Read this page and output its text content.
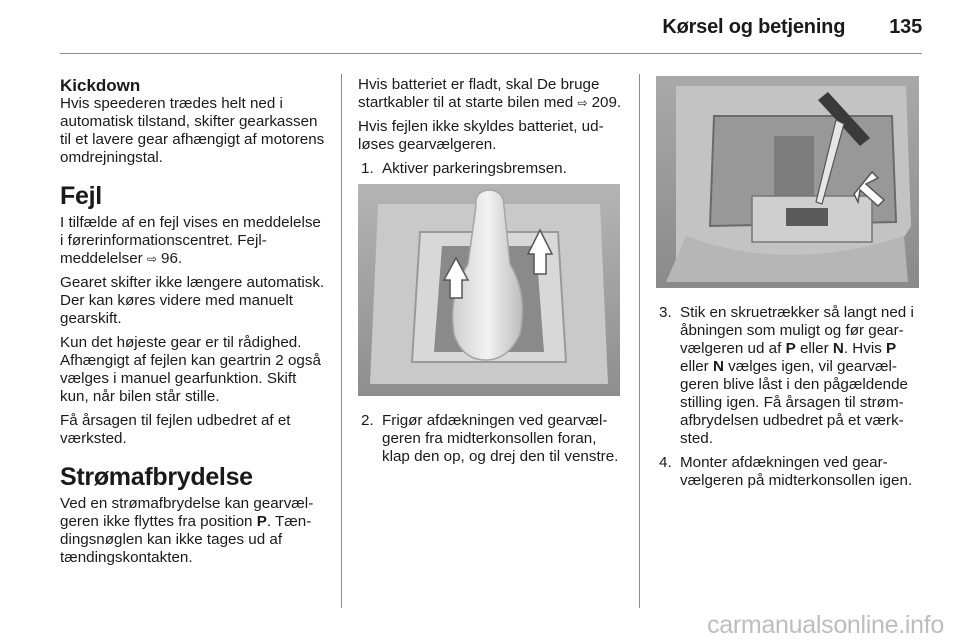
Kørsel og betjening 135
Kickdown

Hvis speederen trædes helt ned i automatisk tilstand, skifter gearkassen til et lavere gear afhængigt af motorens omdrejningstal.

Fejl

I tilfælde af en fejl vises en meddelelse i førerinformationscentret. Fejlmeddelelser ⇨ 96.

Gearet skifter ikke længere automatisk. Der kan køres videre med manuelt gearskift.

Kun det højeste gear er til rådighed. Afhængigt af fejlen kan geartrin 2 også vælges i manuel gearfunktion. Skift kun, når bilen står stille.

Få årsagen til fejlen udbedret af et værksted.

Strømafbrydelse

Ved en strømafbrydelse kan gearvælgeren ikke flyttes fra position P. Tændingsnøglen kan ikke tages ud af tændingskontakten.

Hvis batteriet er fladt, skal De bruge startkabler til at starte bilen med ⇨ 209.

Hvis fejlen ikke skyldes batteriet, udløses gearvælgeren.

1. Aktiver parkeringsbremsen.
2. Frigør afdækningen ved gearvælgeren fra midterkonsollen foran, klap den op, og drej den til venstre.
3. Stik en skruetrækker så langt ned i åbningen som muligt og før gearvælgeren ud af P eller N. Hvis P eller N vælges igen, vil gearvælgeren blive låst i den pågældende stilling igen. Få årsagen til strømafbrydelsen udbedret på et værksted.
4. Monter afdækningen ved gearvælgeren på midterkonsollen igen.
carmanualsonline.info
